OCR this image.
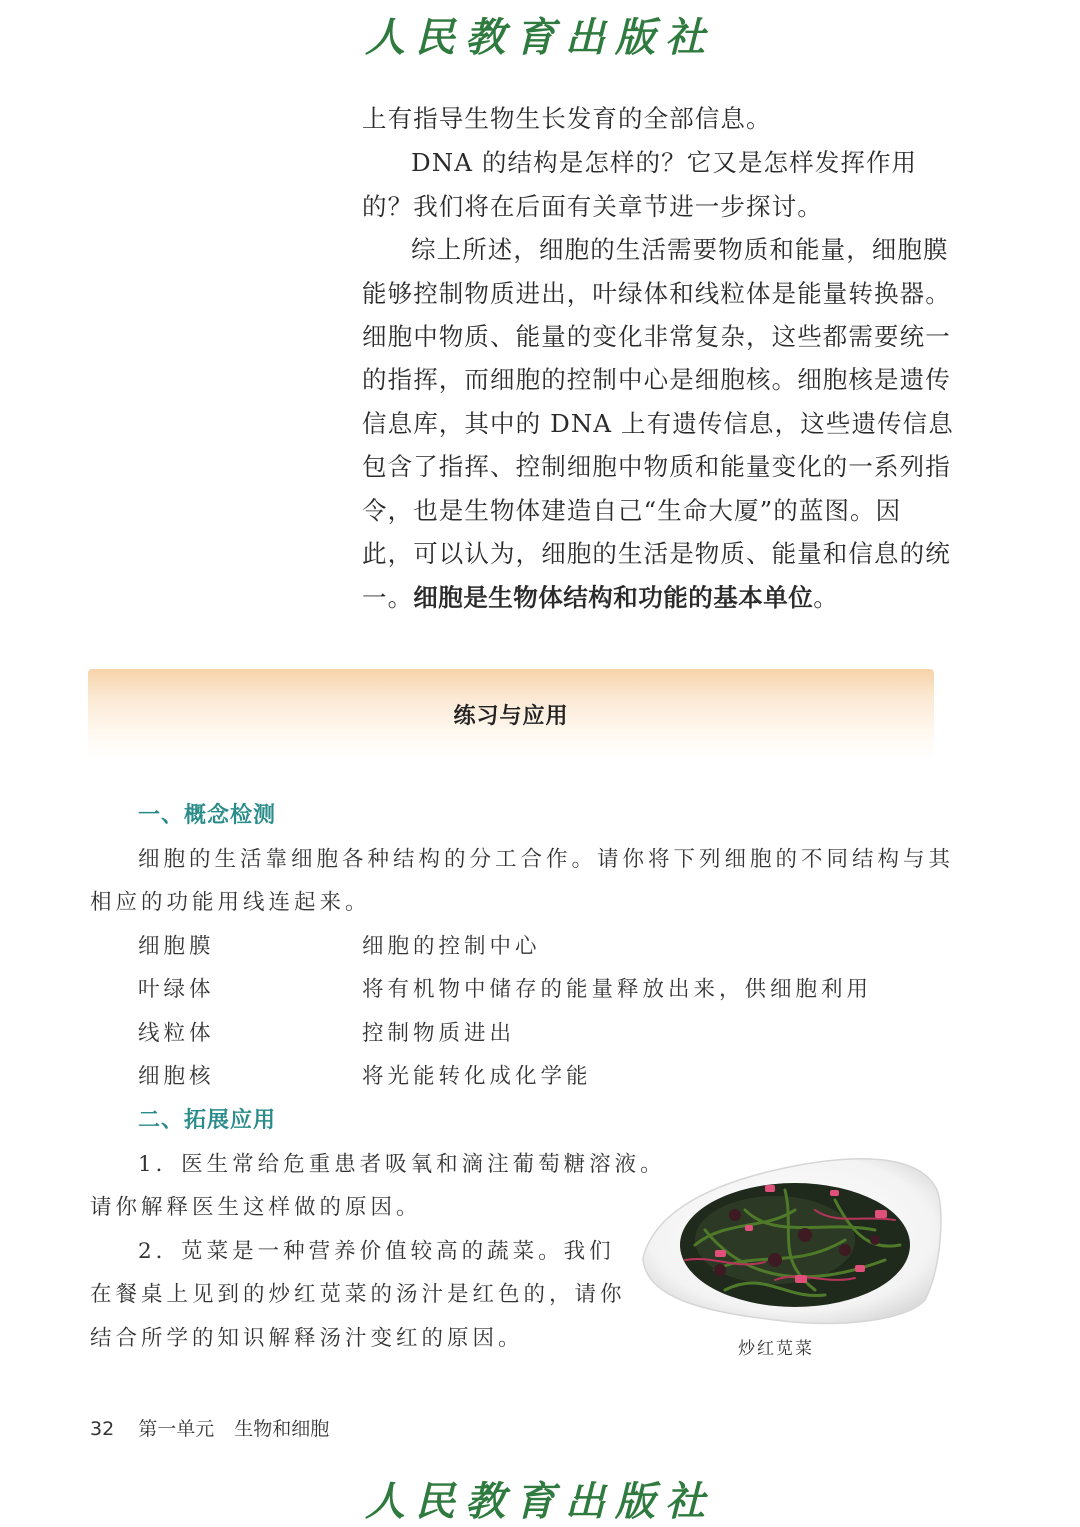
人民教育出版社
上有指导生物生长发育的全部信息。
DNA 的结构是怎样的？它又是怎样发挥作用
的？我们将在后面有关章节进一步探讨。
综上所述，细胞的生活需要物质和能量，细胞膜
能够控制物质进出，叶绿体和线粒体是能量转换器。
细胞中物质、能量的变化非常复杂，这些都需要统一
的指挥，而细胞的控制中心是细胞核。细胞核是遗传
信息库，其中的 DNA 上有遗传信息，这些遗传信息
包含了指挥、控制细胞中物质和能量变化的一系列指
令，也是生物体建造自己“生命大厦”的蓝图。因
此，可以认为，细胞的生活是物质、能量和信息的统
一。细胞是生物体结构和功能的基本单位。
练习与应用
一、概念检测
细胞的生活靠细胞各种结构的分工合作。请你将下列细胞的不同结构与其
相应的功能用线连起来。
细胞膜	细胞的控制中心
叶绿体	将有机物中储存的能量释放出来，供细胞利用
线粒体	控制物质进出
细胞核	将光能转化成化学能
二、拓展应用
1．医生常给危重患者吸氧和滴注葡萄糖溶液。
请你解释医生这样做的原因。
2．苋菜是一种营养价值较高的蔬菜。我们
在餐桌上见到的炒红苋菜的汤汁是红色的，请你
结合所学的知识解释汤汁变红的原因。	炒红苋菜
32 第一单元 生物和细胞
人民教育出版社
